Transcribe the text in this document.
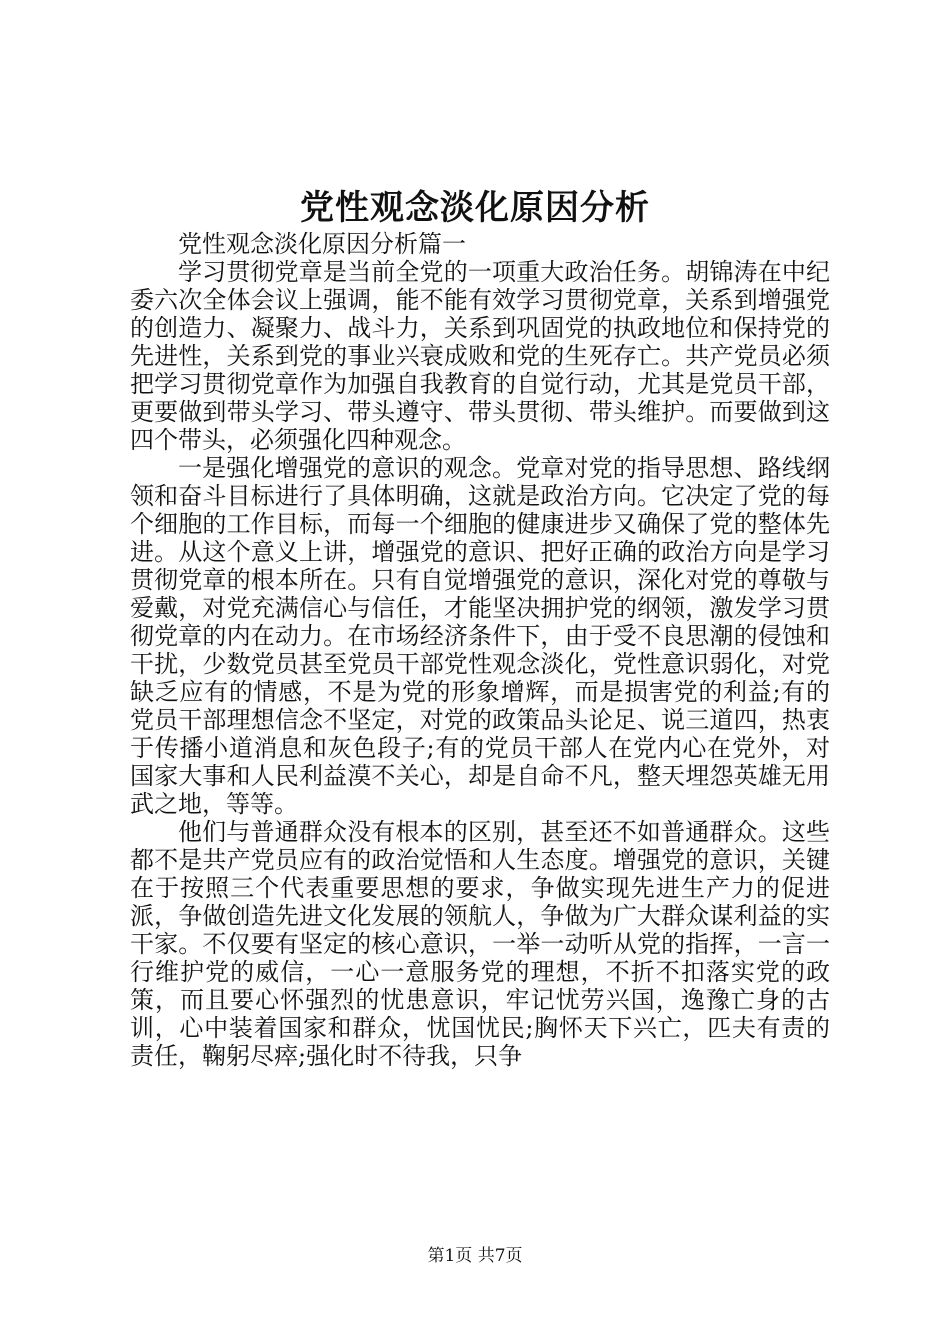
党性观念淡化原因分析

党性观念淡化原因分析篇一

学习贯彻党章是当前全党的一项重大政治任务。胡锦涛在中纪委六次全体会议上强调，能不能有效学习贯彻党章，关系到增强党的创造力、凝聚力、战斗力，关系到巩固党的执政地位和保持党的先进性，关系到党的事业兴衰成败和党的生死存亡。共产党员必须把学习贯彻党章作为加强自我教育的自觉行动，尤其是党员干部，更要做到带头学习、带头遵守、带头贯彻、带头维护。而要做到这四个带头，必须强化四种观念。

一是强化增强党的意识的观念。党章对党的指导思想、路线纲领和奋斗目标进行了具体明确，这就是政治方向。它决定了党的每个细胞的工作目标，而每一个细胞的健康进步又确保了党的整体先进。从这个意义上讲，增强党的意识、把好正确的政治方向是学习贯彻党章的根本所在。只有自觉增强党的意识，深化对党的尊敬与爱戴，对党充满信心与信任，才能坚决拥护党的纲领，激发学习贯彻党章的内在动力。在市场经济条件下，由于受不良思潮的侵蚀和干扰，少数党员甚至党员干部党性观念淡化，党性意识弱化，对党缺乏应有的情感，不是为党的形象增辉，而是损害党的利益;有的党员干部理想信念不坚定，对党的政策品头论足、说三道四，热衷于传播小道消息和灰色段子;有的党员干部人在党内心在党外，对国家大事和人民利益漠不关心，却是自命不凡，整天埋怨英雄无用武之地，等等。

他们与普通群众没有根本的区别，甚至还不如普通群众。这些都不是共产党员应有的政治觉悟和人生态度。增强党的意识，关键在于按照三个代表重要思想的要求，争做实现先进生产力的促进派，争做创造先进文化发展的领航人，争做为广大群众谋利益的实干家。不仅要有坚定的核心意识，一举一动听从党的指挥，一言一行维护党的威信，一心一意服务党的理想，不折不扣落实党的政策，而且要心怀强烈的忧患意识，牢记忧劳兴国，逸豫亡身的古训，心中装着国家和群众，忧国忧民;胸怀天下兴亡，匹夫有责的责任，鞠躬尽瘁;强化时不待我，只争

第1页 共7页
